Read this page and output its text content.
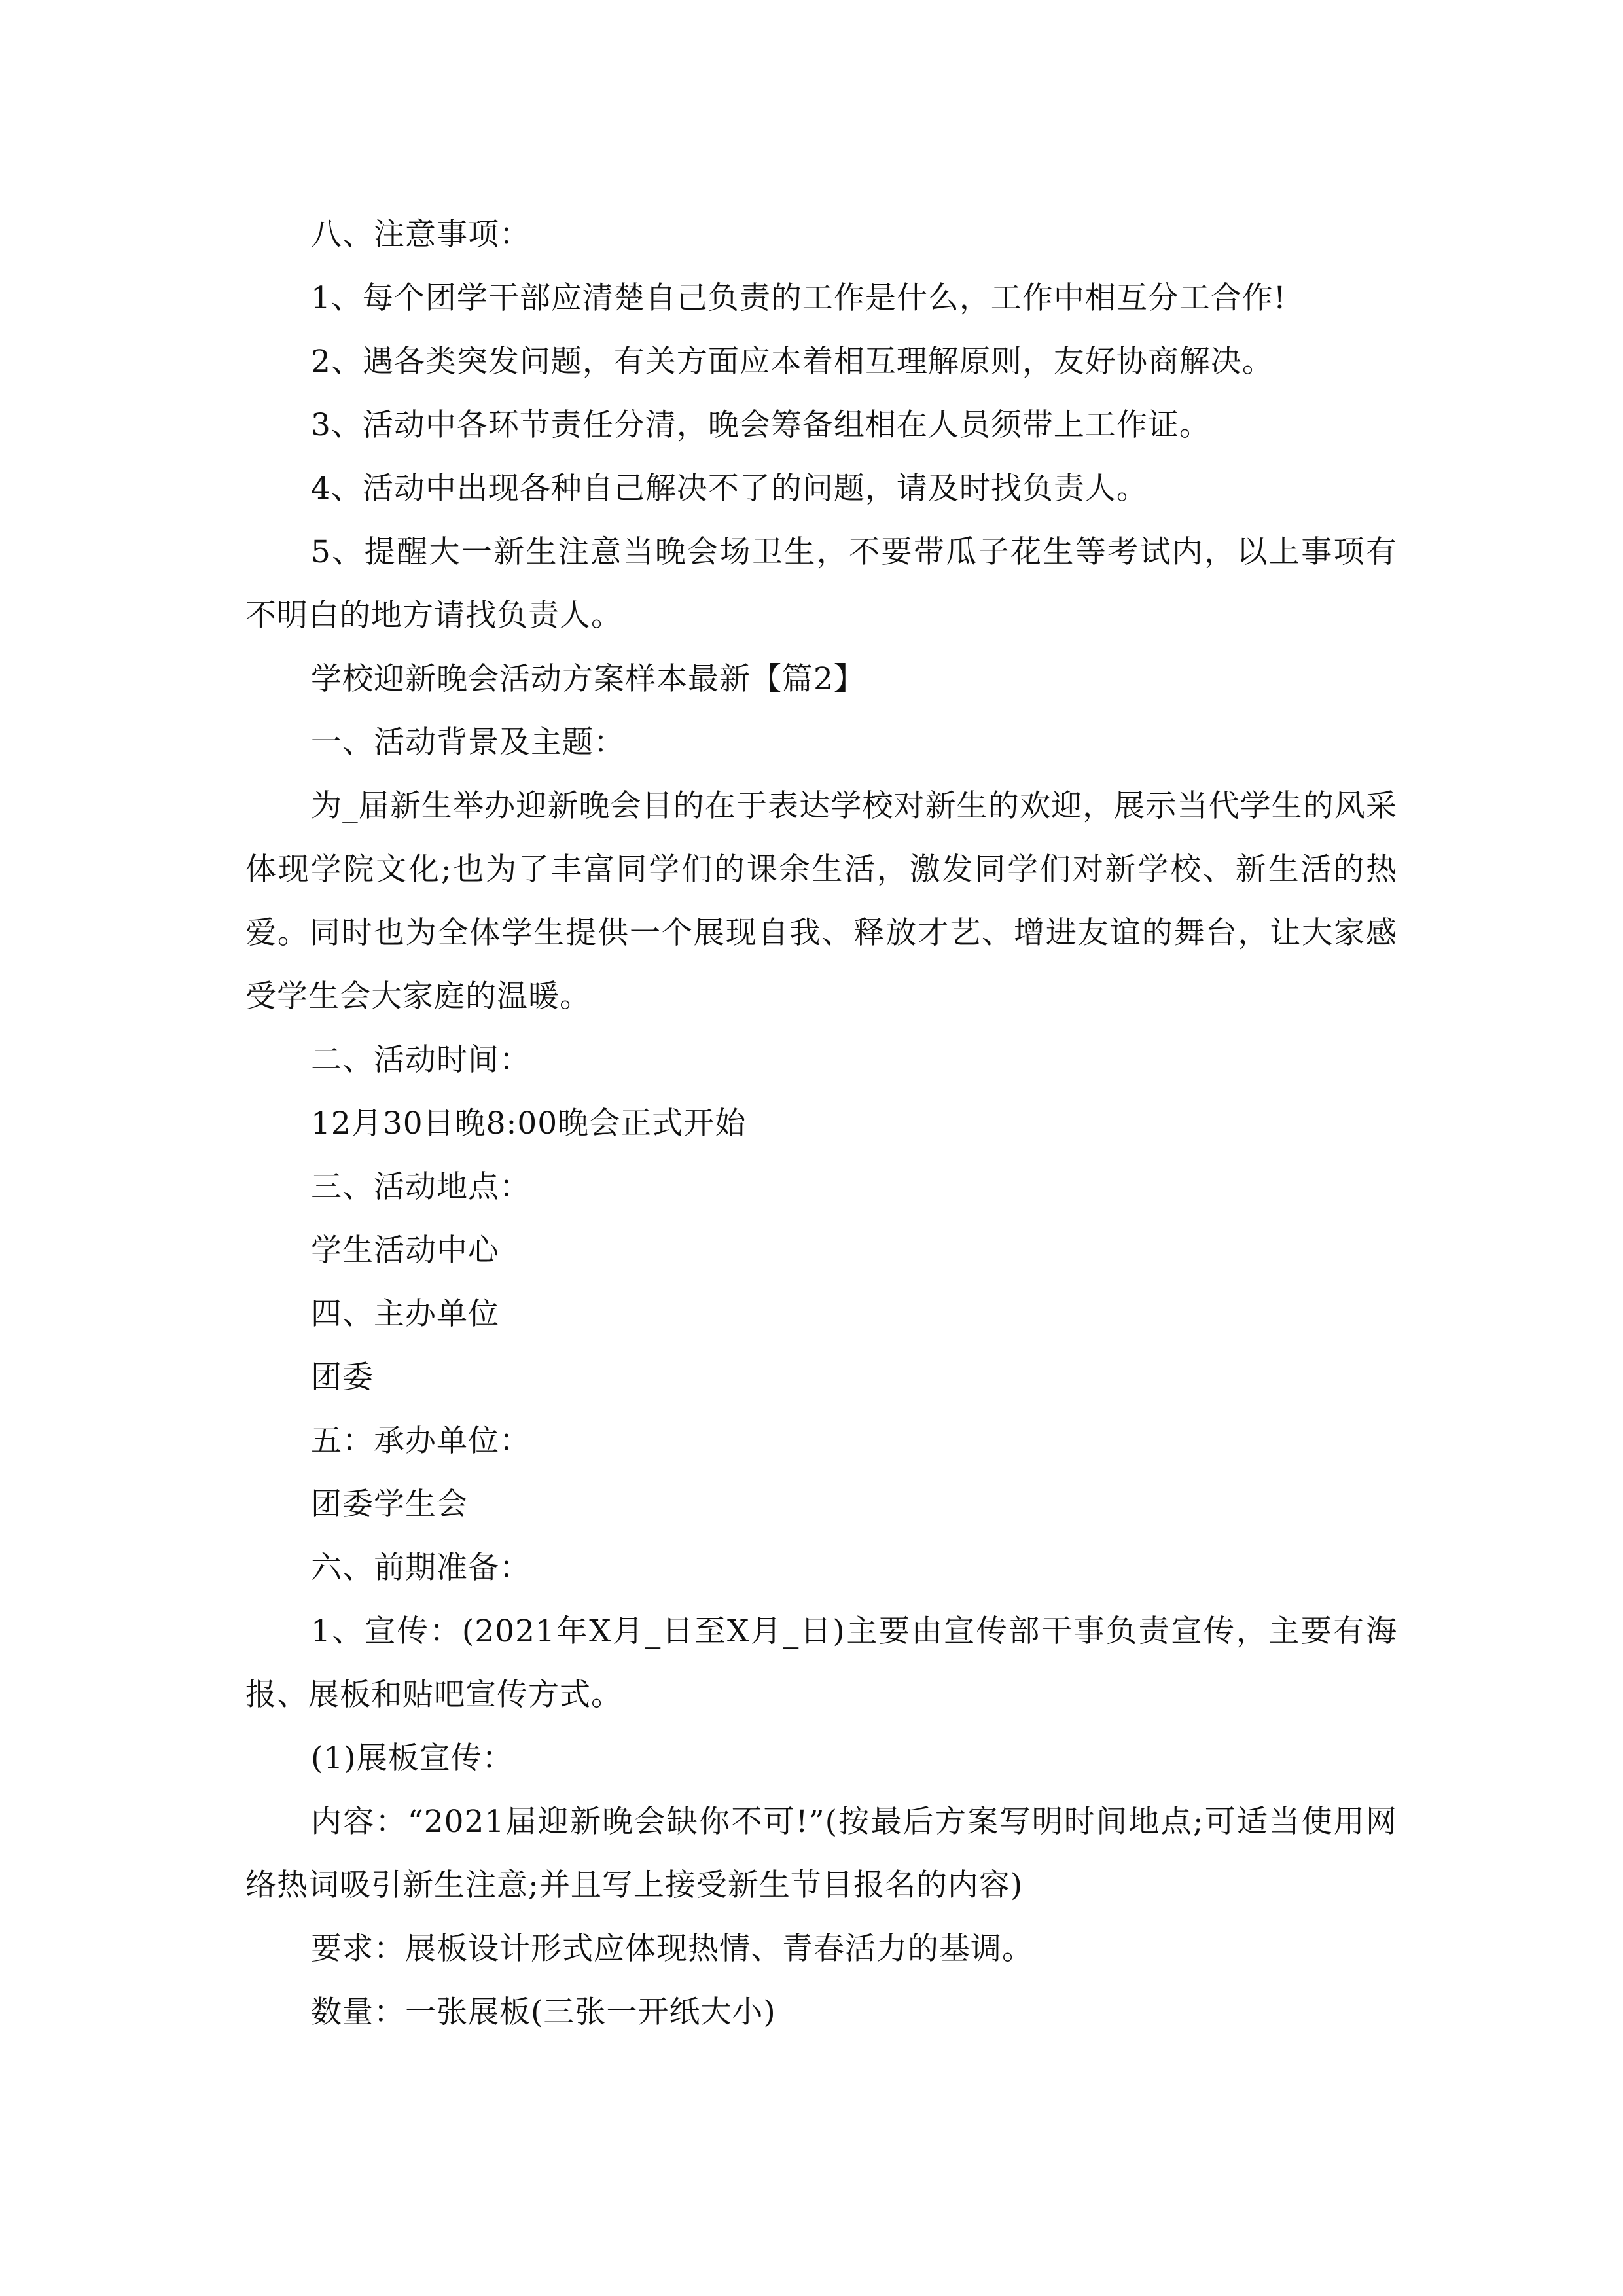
八、注意事项：
1、每个团学干部应清楚自己负责的工作是什么，工作中相互分工合作!
2、遇各类突发问题，有关方面应本着相互理解原则，友好协商解决。
3、活动中各环节责任分清，晚会筹备组相在人员须带上工作证。
4、活动中出现各种自己解决不了的问题，请及时找负责人。
5、提醒大一新生注意当晚会场卫生，不要带瓜子花生等考试内，以上事项有不明白的地方请找负责人。
学校迎新晚会活动方案样本最新【篇2】
一、活动背景及主题：
为_届新生举办迎新晚会目的在于表达学校对新生的欢迎，展示当代学生的风采体现学院文化;也为了丰富同学们的课余生活，激发同学们对新学校、新生活的热爱。同时也为全体学生提供一个展现自我、释放才艺、增进友谊的舞台，让大家感受学生会大家庭的温暖。
二、活动时间：
12月30日晚8:00晚会正式开始
三、活动地点：
学生活动中心
四、主办单位
团委
五：承办单位：
团委学生会
六、前期准备：
1、宣传：(2021年X月_日至X月_日)主要由宣传部干事负责宣传，主要有海报、展板和贴吧宣传方式。
(1)展板宣传：
内容：“2021届迎新晚会缺你不可!”(按最后方案写明时间地点;可适当使用网络热词吸引新生注意;并且写上接受新生节目报名的内容)
要求：展板设计形式应体现热情、青春活力的基调。
数量：一张展板(三张一开纸大小)
